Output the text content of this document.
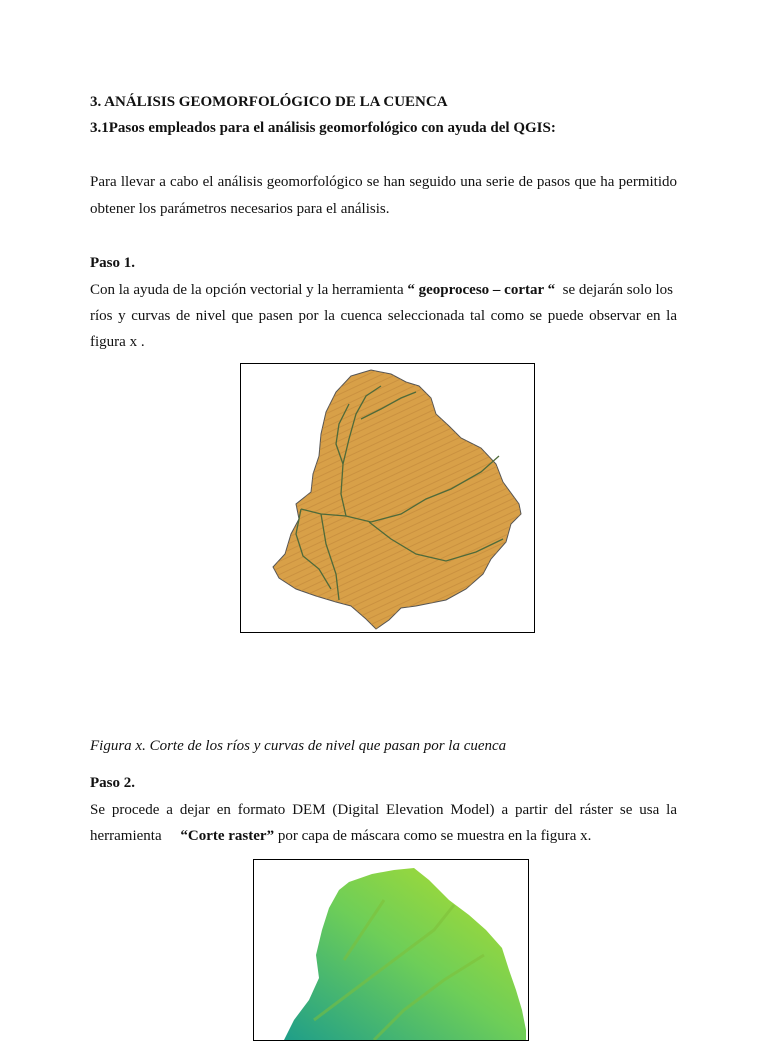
3. ANÁLISIS GEOMORFOLÓGICO DE LA CUENCA
3.1Pasos empleados para el análisis geomorfológico con ayuda del QGIS:
Para llevar a cabo el análisis geomorfológico se han seguido una serie de pasos que ha permitido
obtener los parámetros necesarios para el análisis.
Paso 1.
Con la ayuda de la opción vectorial y la herramienta “ geoproceso – cortar “  se dejarán solo los
ríos y curvas de nivel que pasen por la cuenca seleccionada tal como se puede observar en la
figura x .
Figura x. Corte de los ríos y curvas de nivel que pasan por la cuenca
Paso 2.
Se procede a dejar en formato DEM (Digital Elevation Model) a partir del ráster se usa la
herramienta     “Corte raster” por capa de máscara como se muestra en la figura x.
